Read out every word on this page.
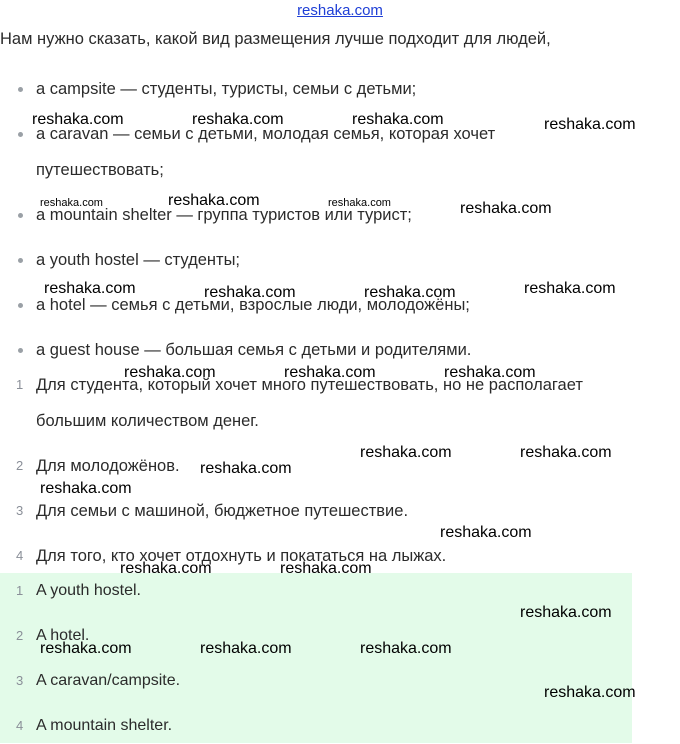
reshaka.com
Нам нужно сказать, какой вид размещения лучше подходит для людей,
a campsite — студенты, туристы, семьи с детьми;
a caravan — семьи с детьми, молодая семья, которая хочет
путешествовать;
a mountain shelter — группа туристов или турист;
a youth hostel — студенты;
a hotel — семья с детьми, взрослые люди, молодожёны;
a guest house — большая семья с детьми и родителями.
1 Для студента, который хочет много путешествовать, но не располагает
большим количеством денег.
2 Для молодожёнов.
3 Для семьи с машиной, бюджетное путешествие.
4 Для того, кто хочет отдохнуть и покататься на лыжах.
1 A youth hostel.
2 A hotel.
3 A caravan/campsite.
4 A mountain shelter.
reshaka.com	reshaka.com	reshaka.com	reshaka.com
reshaka.com	reshaka.com	reshaka.com	reshaka.com
reshaka.com	reshaka.com	reshaka.com	reshaka.com
reshaka.com	reshaka.com	reshaka.com
reshaka.com	reshaka.com
reshaka.com
reshaka.com
reshaka.com
reshaka.com	reshaka.com
reshaka.com
reshaka.com	reshaka.com	reshaka.com
reshaka.com
